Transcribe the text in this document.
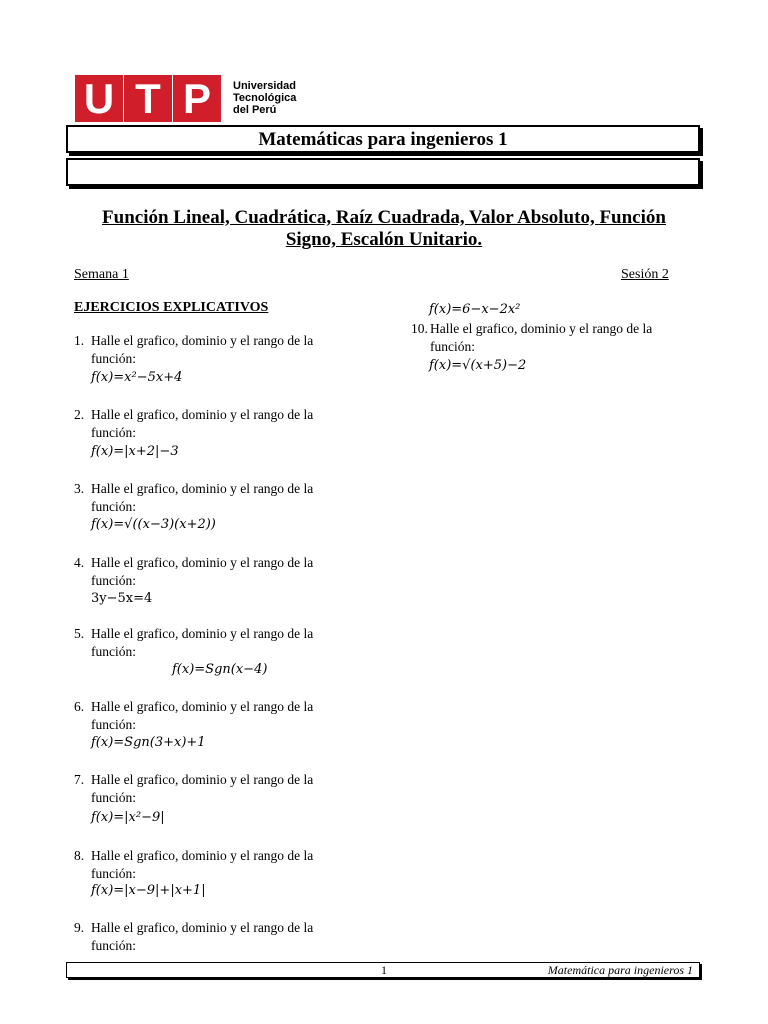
U T P	Universidad
Tecnológica
del Perú
Matemáticas para ingenieros 1
Función Lineal, Cuadrática, Raíz Cuadrada, Valor Absoluto, Función
Signo, Escalón Unitario.
Semana 1	Sesión 2
EJERCICIOS EXPLICATIVOS
1. Halle el grafico, dominio y el rango de la función:
f(x)=x²−5x+4
2. Halle el grafico, dominio y el rango de la función:
f(x)=|x+2|−3
3. Halle el grafico, dominio y el rango de la función:
f(x)=√((x−3)(x+2))
4. Halle el grafico, dominio y el rango de la función:
3y−5x=4
5. Halle el grafico, dominio y el rango de la función:
f(x)=Sgn(x−4)
6. Halle el grafico, dominio y el rango de la función:
f(x)=Sgn(3+x)+1
7. Halle el grafico, dominio y el rango de la función:
f(x)=|x²−9|
8. Halle el grafico, dominio y el rango de la función:
f(x)=|x−9|+|x+1|
9. Halle el grafico, dominio y el rango de la función:
f(x)=6−x−2x²
10. Halle el grafico, dominio y el rango de la función:
f(x)=√(x+5)−2
1	Matemática para ingenieros 1
